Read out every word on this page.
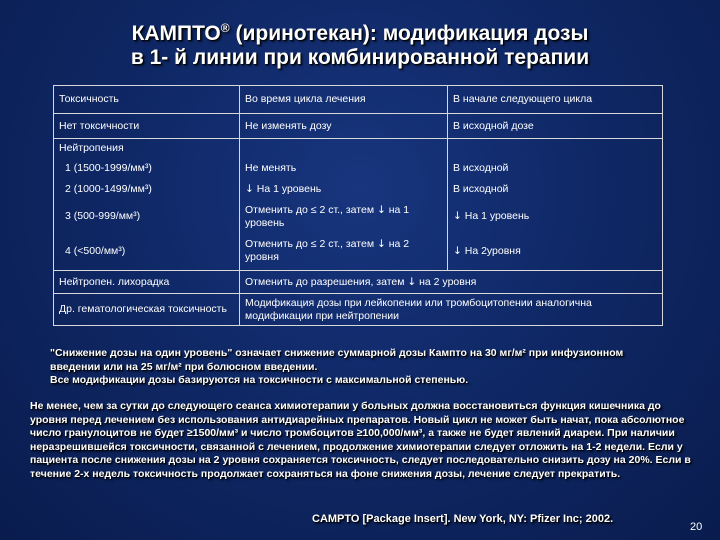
КАМПТО® (иринотекан): модификация дозы
в 1- й линии при комбинированной терапии
Токсичность	Во время цикла лечения	В начале следующего цикла
Нет токсичности	Не изменять дозу	В исходной дозе
Нейтропения		
1 (1500-1999/мм³)	Не менять	В исходной
2 (1000-1499/мм³)	↓ На 1 уровень	В исходной
3 (500-999/мм³)	Отменить до ≤ 2 ст., затем ↓ на 1 уровень	↓ На 1 уровень
4 (<500/мм³)	Отменить до ≤ 2 ст., затем ↓ на 2 уровня	↓ На 2уровня
Нейтропен. лихорадка	Отменить до разрешения, затем ↓ на 2 уровня	
Др. гематологическая токсичность	Модификация дозы при лейкопении или тромбоцитопении аналогична модификации при нейтропении	
"Снижение дозы на один уровень" означает снижение суммарной дозы Кампто на 30 мг/м² при инфузионном введении или на 25 мг/м² при болюсном введении.
Все модификации дозы базируются на токсичности с максимальной степенью.
Не менее, чем за сутки до следующего сеанса химиотерапии у больных должна восстановиться функция кишечника до уровня перед лечением без использования антидиарейных препаратов. Новый цикл не может быть начат, пока абсолютное число гранулоцитов не будет ≥1500/мм³ и число тромбоцитов ≥100,000/мм³, а также не будет явлений диареи. При наличии неразрешившейся токсичности, связанной с лечением, продолжение химиотерапии следует отложить на 1-2 недели. Если у пациента после снижения дозы на 2 уровня сохраняется токсичность, следует последовательно снизить дозу на 20%. Если в течение 2-х недель токсичность продолжает сохраняться на фоне снижения дозы, лечение следует прекратить.
CAMPTO [Package Insert]. New York, NY: Pfizer Inc; 2002.
20
